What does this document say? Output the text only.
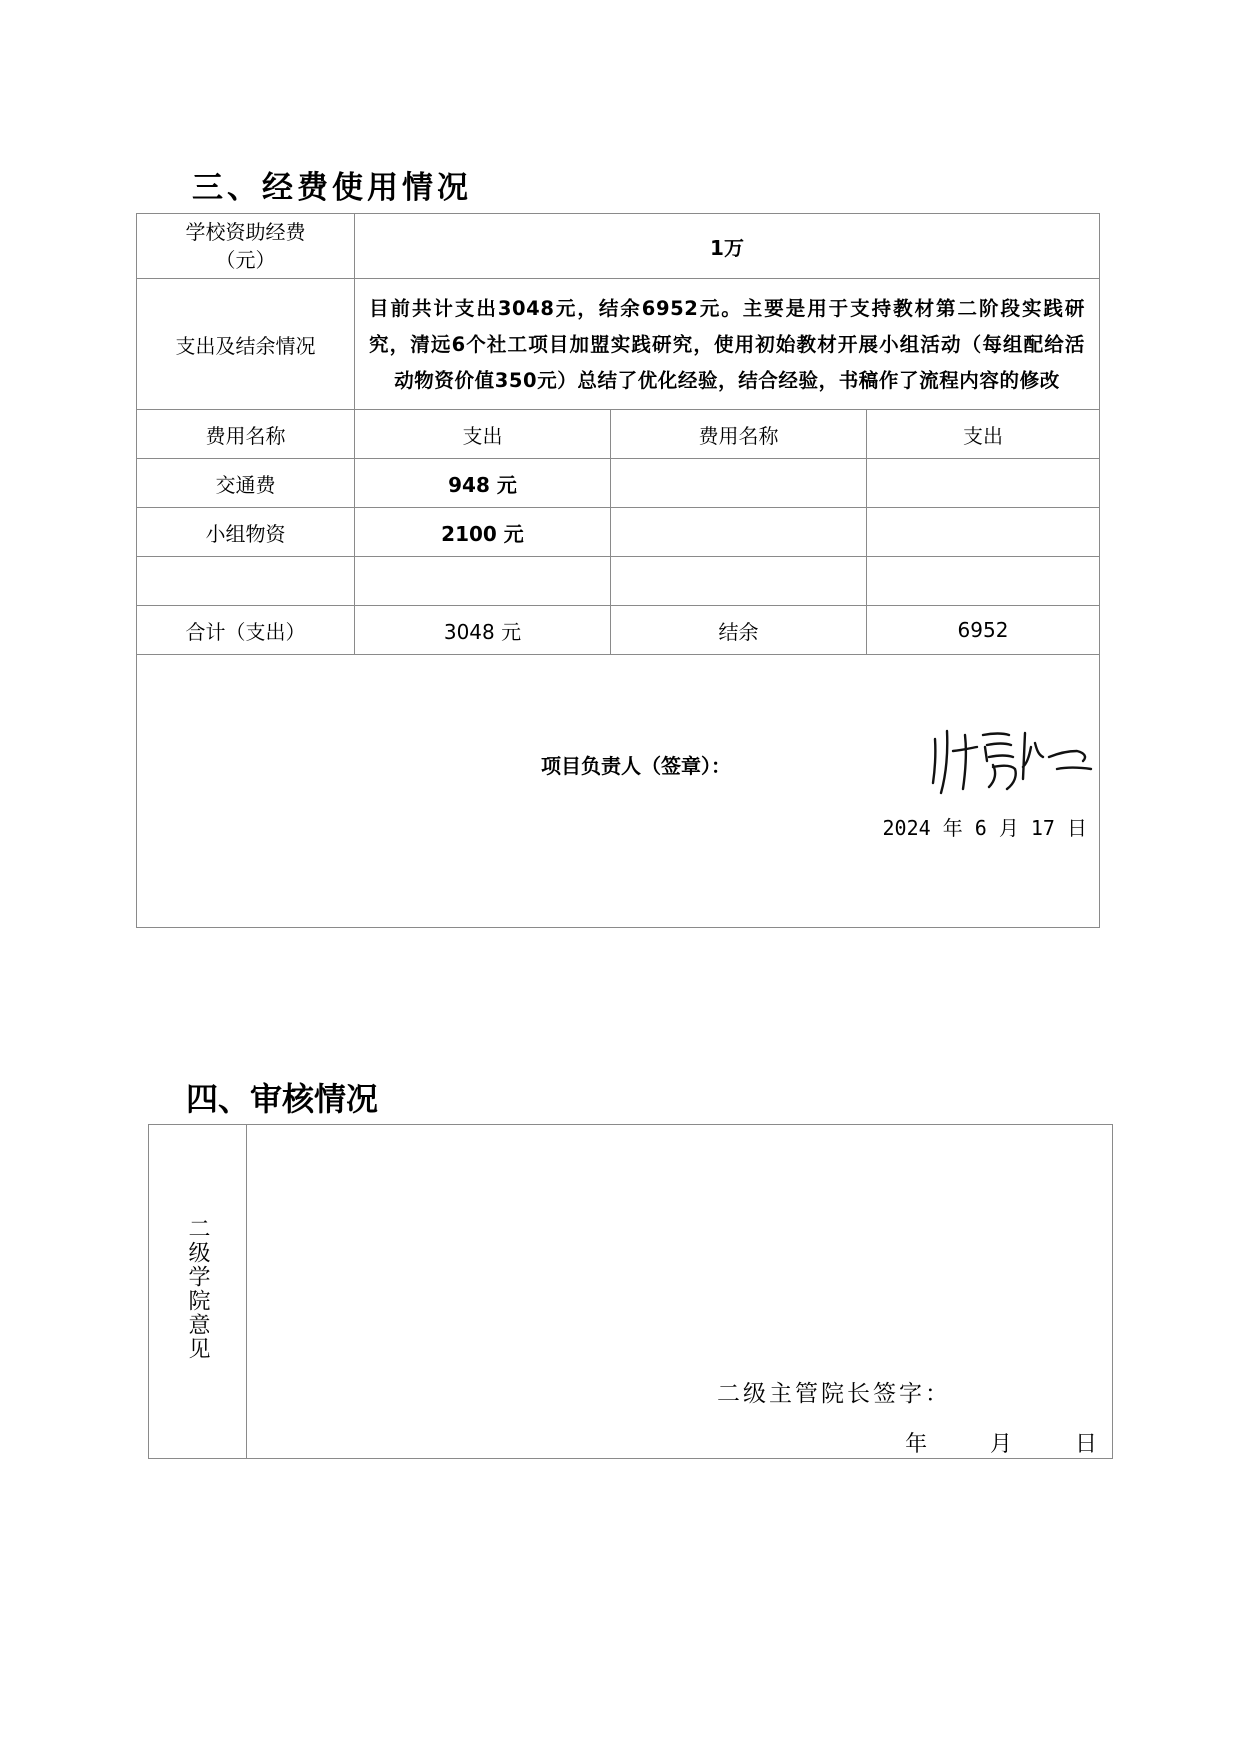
三、经费使用情况
学校资助经费
（元）	1万		
支出及结余情况	目前共计支出3048元，结余6952元。主要是用于支持教材第二阶段实践研究，清远6个社工项目加盟实践研究，使用初始教材开展小组活动（每组配给活动物资价值350元）总结了优化经验，结合经验，书稿作了流程内容的修改		
费用名称	支出	费用名称	支出
交通费	948 元		
小组物资	2100 元		

合计（支出）	3048 元	结余	6952

项目负责人（签章）：
2024 年 6 月 17 日			
四、审核情况
二级学院意见	
二级主管院长签字：
年      月      日
